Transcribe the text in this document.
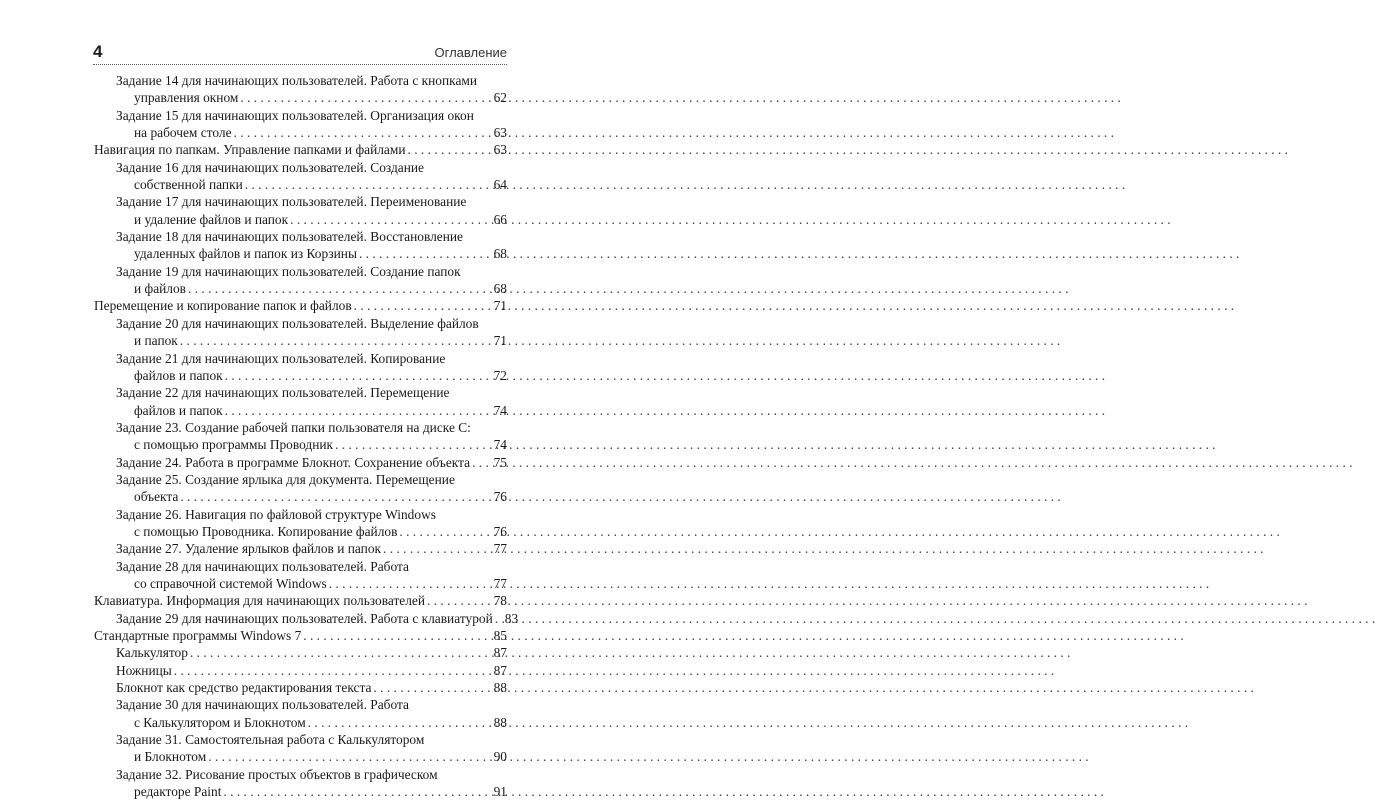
4	Оглавление
Задание 14 для начинающих пользователей. Работа с кнопками
управления окном . . .	62
Задание 15 для начинающих пользователей. Организация окон
на рабочем столе . . .	63
Навигация по папкам. Управление папками и файлами . . .	63
Задание 16 для начинающих пользователей. Создание
собственной папки . . .	64
Задание 17 для начинающих пользователей. Переименование
и удаление файлов и папок . . .	66
Задание 18 для начинающих пользователей. Восстановление
удаленных файлов и папок из Корзины . . .	68
Задание 19 для начинающих пользователей. Создание папок
и файлов . . .	68
Перемещение и копирование папок и файлов . . .	71
Задание 20 для начинающих пользователей. Выделение файлов
и папок . . .	71
Задание 21 для начинающих пользователей. Копирование
файлов и папок . . .	72
Задание 22 для начинающих пользователей. Перемещение
файлов и папок . . .	74
Задание 23. Создание рабочей папки пользователя на диске С:
с помощью программы Проводник . . .	74
Задание 24. Работа в программе Блокнот. Сохранение объекта . . . 75
Задание 25. Создание ярлыка для документа. Перемещение
объекта . . .	76
Задание 26. Навигация по файловой структуре Windows
с помощью Проводника. Копирование файлов . . .	76
Задание 27. Удаление ярлыков файлов и папок . . .	77
Задание 28 для начинающих пользователей. Работа
со справочной системой Windows . . .	77
Клавиатура. Информация для начинающих пользователей . . .	78
Задание 29 для начинающих пользователей. Работа с клавиатурой . . . 83
Стандартные программы Windows 7 . . .	85
Калькулятор . . .	87
Ножницы . . .	87
Блокнот как средство редактирования текста . . .	88
Задание 30 для начинающих пользователей. Работа
с Калькулятором и Блокнотом . . .	88
Задание 31. Самостоятельная работа с Калькулятором
и Блокнотом . . .	90
Задание 32. Рисование простых объектов в графическом
редакторе Paint . . .	91
